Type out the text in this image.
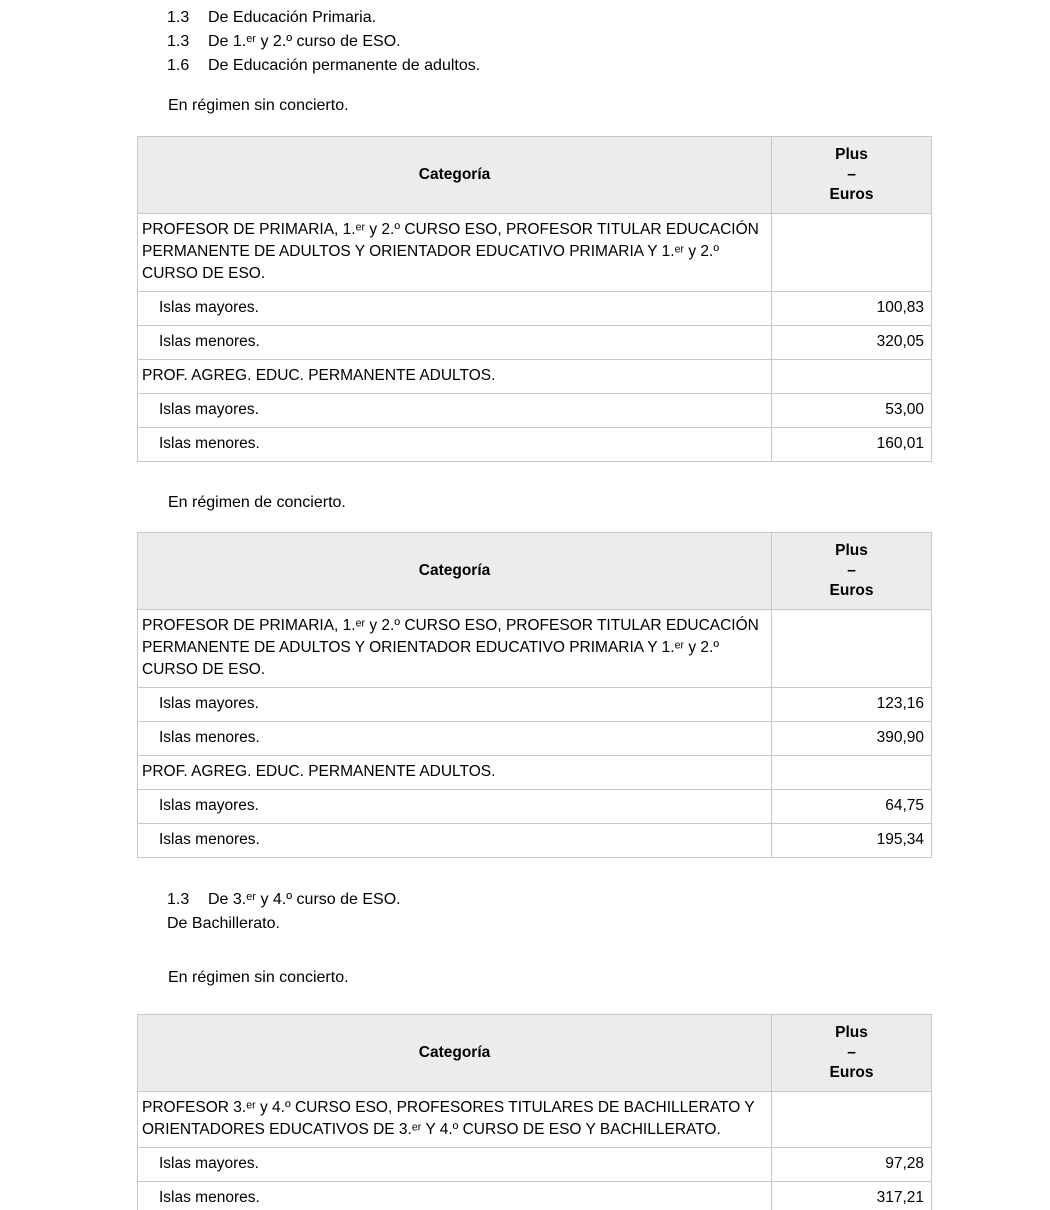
1.3	De Educación Primaria.
1.3	De 1.ᵉʳ y 2.º curso de ESO.
1.6	De Educación permanente de adultos.

En régimen sin concierto.

Categoría	Plus
–
Euros

PROFESOR DE PRIMARIA, 1.ᵉʳ y 2.º CURSO ESO, PROFESOR TITULAR EDUCACIÓN PERMANENTE DE ADULTOS Y ORIENTADOR EDUCATIVO PRIMARIA Y 1.ᵉʳ y 2.º CURSO DE ESO.	
Islas mayores.	100,83
Islas menores.	320,05
PROF. AGREG. EDUC. PERMANENTE ADULTOS.	
Islas mayores.	53,00
Islas menores.	160,01

En régimen de concierto.

Categoría	Plus
–
Euros

PROFESOR DE PRIMARIA, 1.ᵉʳ y 2.º CURSO ESO, PROFESOR TITULAR EDUCACIÓN PERMANENTE DE ADULTOS Y ORIENTADOR EDUCATIVO PRIMARIA Y 1.ᵉʳ y 2.º CURSO DE ESO.	
Islas mayores.	123,16
Islas menores.	390,90
PROF. AGREG. EDUC. PERMANENTE ADULTOS.	
Islas mayores.	64,75
Islas menores.	195,34
1.3	De 3.ᵉʳ y 4.º curso de ESO.
De Bachillerato.

En régimen sin concierto.

Categoría	Plus
–
Euros

PROFESOR 3.ᵉʳ y 4.º CURSO ESO, PROFESORES TITULARES DE BACHILLERATO Y ORIENTADORES EDUCATIVOS DE 3.ᵉʳ Y 4.º CURSO DE ESO Y BACHILLERATO.	
Islas mayores.	97,28
Islas menores.	317,21
